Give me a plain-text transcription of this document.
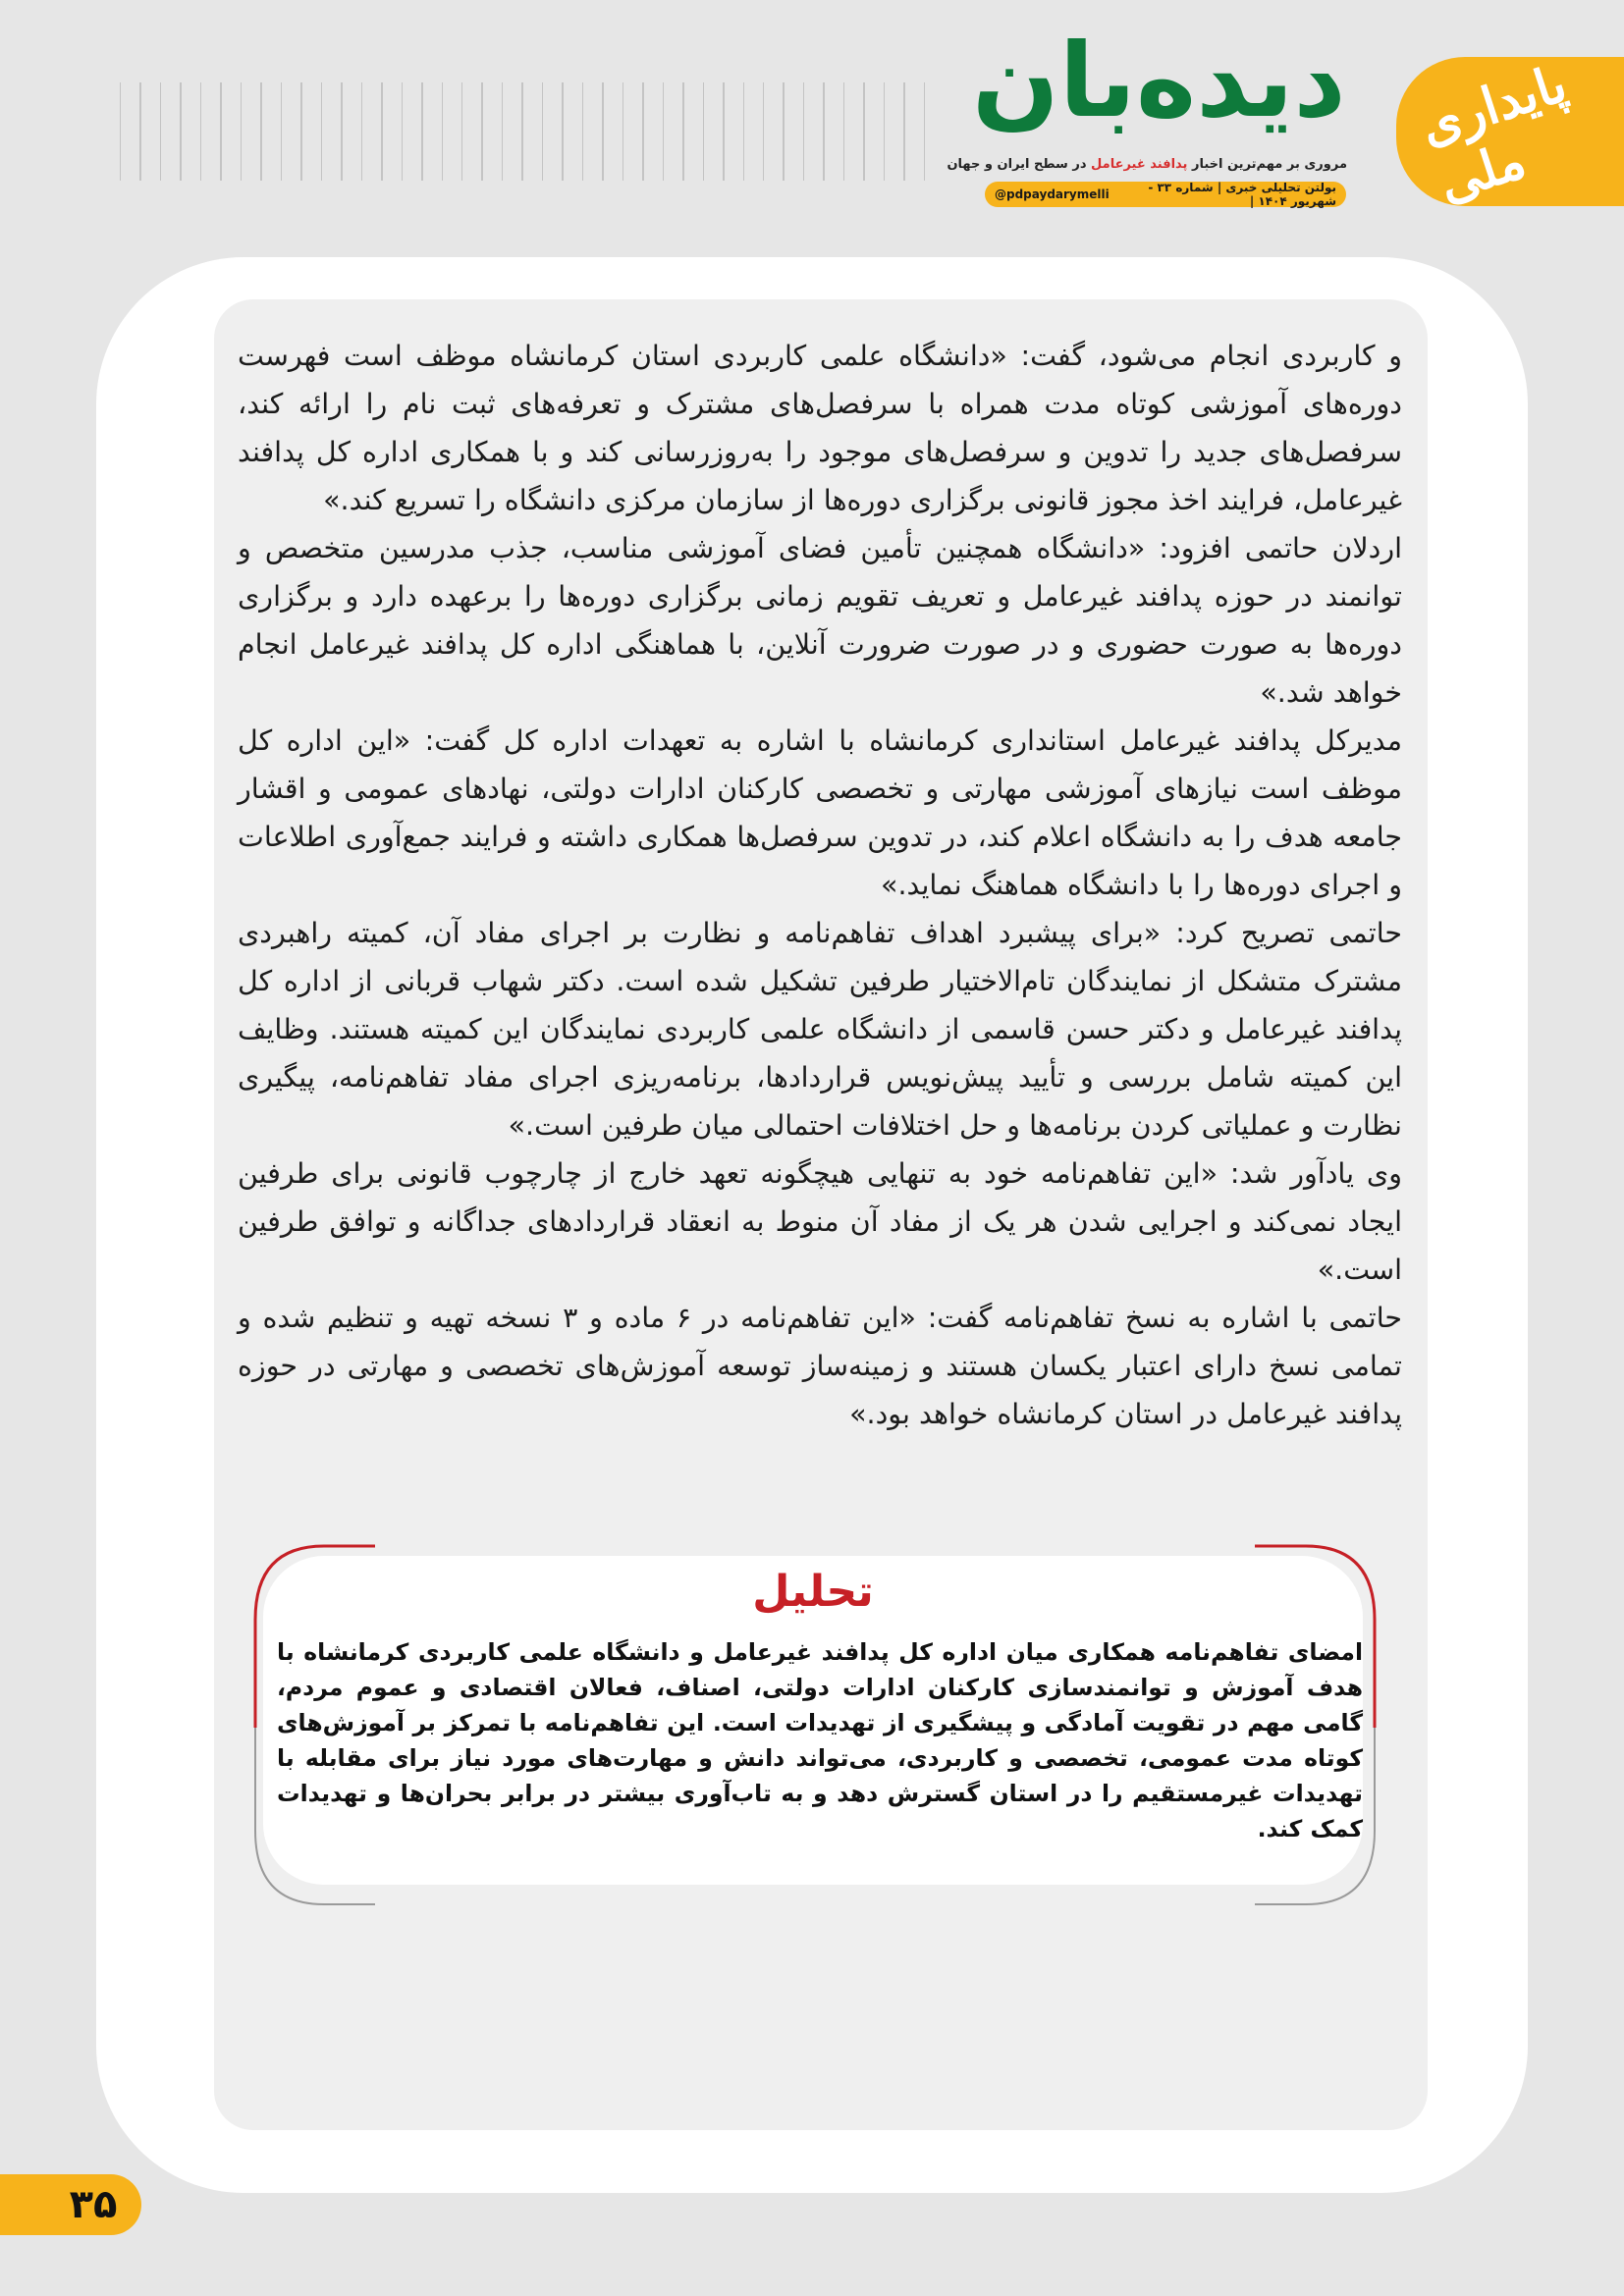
پایداری ملی
دیده‌بان
مروری بر مهم‌ترین اخبار پدافند غیرعامل در سطح ایران و جهان
بولتن تحلیلی خبری | شماره ۳۳ - شهریور ۱۴۰۴ |
@pdpaydarymelli

و کاربردی انجام می‌شود، گفت: «دانشگاه علمی کاربردی استان کرمانشاه موظف است فهرست دوره‌های آموزشی کوتاه مدت همراه با سرفصل‌های مشترک و تعرفه‌های ثبت نام را ارائه کند، سرفصل‌های جدید را تدوین و سرفصل‌های موجود را به‌روزرسانی کند و با همکاری اداره کل پدافند غیرعامل، فرایند اخذ مجوز قانونی برگزاری دوره‌ها از سازمان مرکزی دانشگاه را تسریع کند.»

اردلان حاتمی افزود: «دانشگاه همچنین تأمین فضای آموزشی مناسب، جذب مدرسین متخصص و توانمند در حوزه پدافند غیرعامل و تعریف تقویم زمانی برگزاری دوره‌ها را برعهده دارد و برگزاری دوره‌ها به صورت حضوری و در صورت ضرورت آنلاین، با هماهنگی اداره کل پدافند غیرعامل انجام خواهد شد.»

مدیرکل پدافند غیرعامل استانداری کرمانشاه با اشاره به تعهدات اداره کل گفت: «این اداره کل موظف است نیازهای آموزشی مهارتی و تخصصی کارکنان ادارات دولتی، نهادهای عمومی و اقشار جامعه هدف را به دانشگاه اعلام کند، در تدوین سرفصل‌ها همکاری داشته و فرایند جمع‌آوری اطلاعات و اجرای دوره‌ها را با دانشگاه هماهنگ نماید.»

حاتمی تصریح کرد: «برای پیشبرد اهداف تفاهم‌نامه و نظارت بر اجرای مفاد آن، کمیته راهبردی مشترک متشکل از نمایندگان تام‌الاختیار طرفین تشکیل شده است. دکتر شهاب قربانی از اداره کل پدافند غیرعامل و دکتر حسن قاسمی از دانشگاه علمی کاربردی نمایندگان این کمیته هستند. وظایف این کمیته شامل بررسی و تأیید پیش‌نویس قراردادها، برنامه‌ریزی اجرای مفاد تفاهم‌نامه، پیگیری نظارت و عملیاتی کردن برنامه‌ها و حل اختلافات احتمالی میان طرفین است.»

وی یادآور شد: «این تفاهم‌نامه خود به تنهایی هیچگونه تعهد خارج از چارچوب قانونی برای طرفین ایجاد نمی‌کند و اجرایی شدن هر یک از مفاد آن منوط به انعقاد قراردادهای جداگانه و توافق طرفین است.»

حاتمی با اشاره به نسخ تفاهم‌نامه گفت: «این تفاهم‌نامه در ۶ ماده و ۳ نسخه تهیه و تنظیم شده و تمامی نسخ دارای اعتبار یکسان هستند و زمینه‌ساز توسعه آموزش‌های تخصصی و مهارتی در حوزه پدافند غیرعامل در استان کرمانشاه خواهد بود.»

تحلیل
امضای تفاهم‌نامه همکاری میان اداره کل پدافند غیرعامل و دانشگاه علمی کاربردی کرمانشاه با هدف آموزش و توانمندسازی کارکنان ادارات دولتی، اصناف، فعالان اقتصادی و عموم مردم، گامی مهم در تقویت آمادگی و پیشگیری از تهدیدات است. این تفاهم‌نامه با تمرکز بر آموزش‌های کوتاه مدت عمومی، تخصصی و کاربردی، می‌تواند دانش و مهارت‌های مورد نیاز برای مقابله با تهدیدات غیرمستقیم را در استان گسترش دهد و به تاب‌آوری بیشتر در برابر بحران‌ها و تهدیدات کمک کند.
۳۵
